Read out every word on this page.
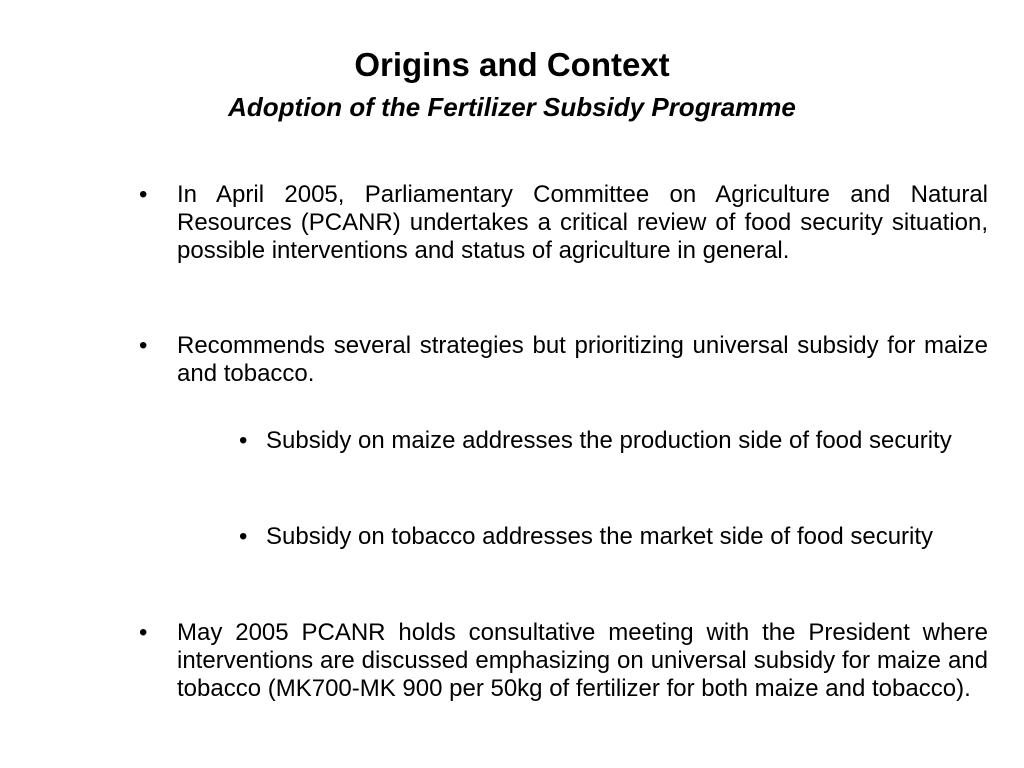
Origins and Context
Adoption of the Fertilizer Subsidy Programme
• In April 2005, Parliamentary Committee on Agriculture and Natural Resources (PCANR) undertakes a critical review of food security situation, possible interventions and status of agriculture in general.
• Recommends several strategies but prioritizing universal subsidy for maize and tobacco.
• Subsidy on maize addresses the production side of food security
• Subsidy on tobacco addresses the market side of food security
• May 2005 PCANR holds consultative meeting with the President where interventions are discussed emphasizing on universal subsidy for maize and tobacco (MK700-MK 900 per 50kg of fertilizer for both maize and tobacco).
